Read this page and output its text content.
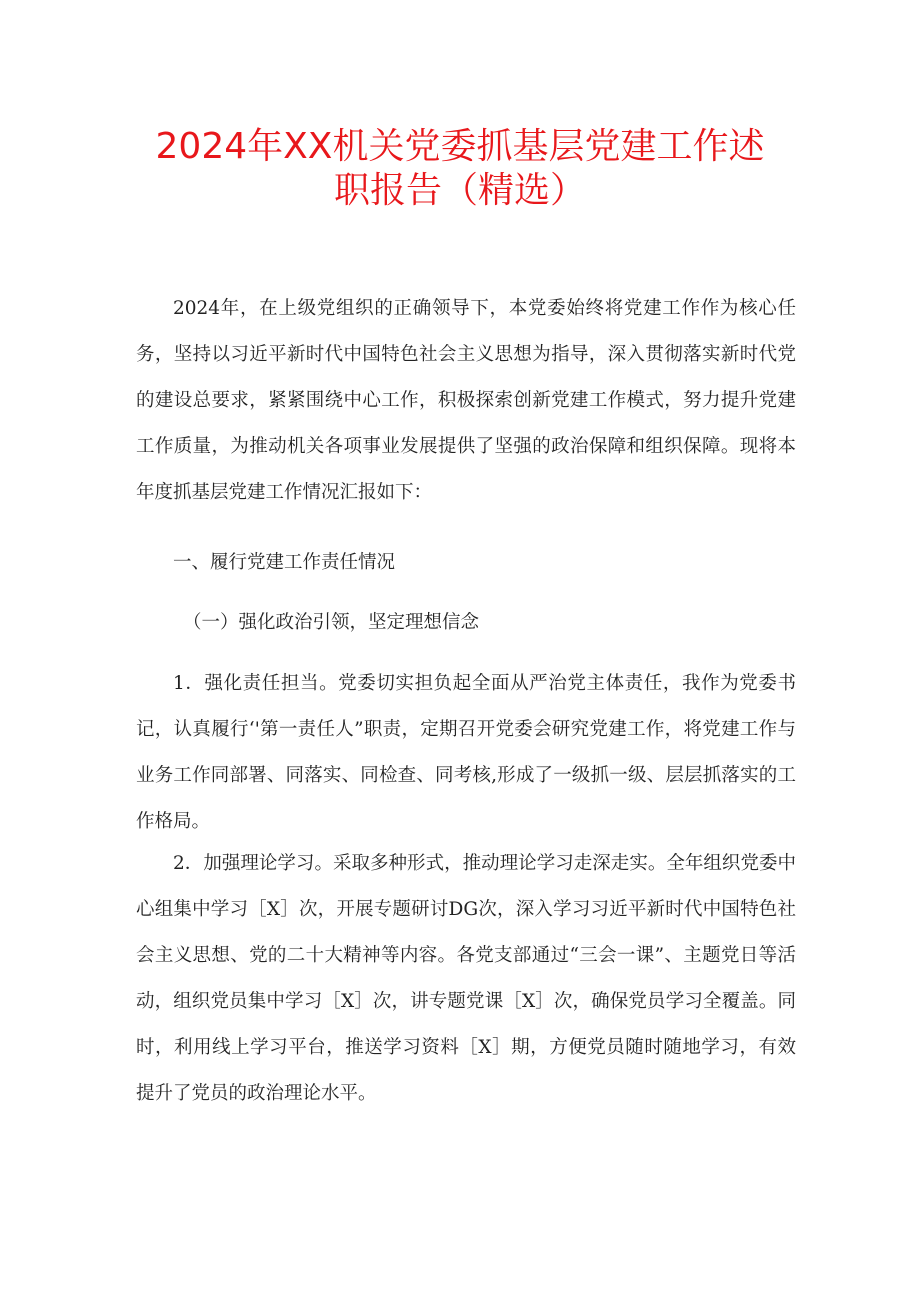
2024年XX机关党委抓基层党建工作述
职报告（精选）

2024年，在上级党组织的正确领导下，本党委始终将党建工作作为核心任务，坚持以习近平新时代中国特色社会主义思想为指导，深入贯彻落实新时代党的建设总要求，紧紧围绕中心工作，积极探索创新党建工作模式，努力提升党建工作质量，为推动机关各项事业发展提供了坚强的政治保障和组织保障。现将本年度抓基层党建工作情况汇报如下：

一、履行党建工作责任情况

（一）强化政治引领，坚定理想信念

1．强化责任担当。党委切实担负起全面从严治党主体责任，我作为党委书记，认真履行‘'第一责任人”职责，定期召开党委会研究党建工作，将党建工作与业务工作同部署、同落实、同检查、同考核,形成了一级抓一级、层层抓落实的工作格局。

2．加强理论学习。采取多种形式，推动理论学习走深走实。全年组织党委中心组集中学习［X］次，开展专题研讨DG次，深入学习习近平新时代中国特色社会主义思想、党的二十大精神等内容。各党支部通过“三会一课”、主题党日等活动，组织党员集中学习［X］次，讲专题党课［X］次，确保党员学习全覆盖。同时，利用线上学习平台，推送学习资料［X］期，方便党员随时随地学习，有效提升了党员的政治理论水平。
